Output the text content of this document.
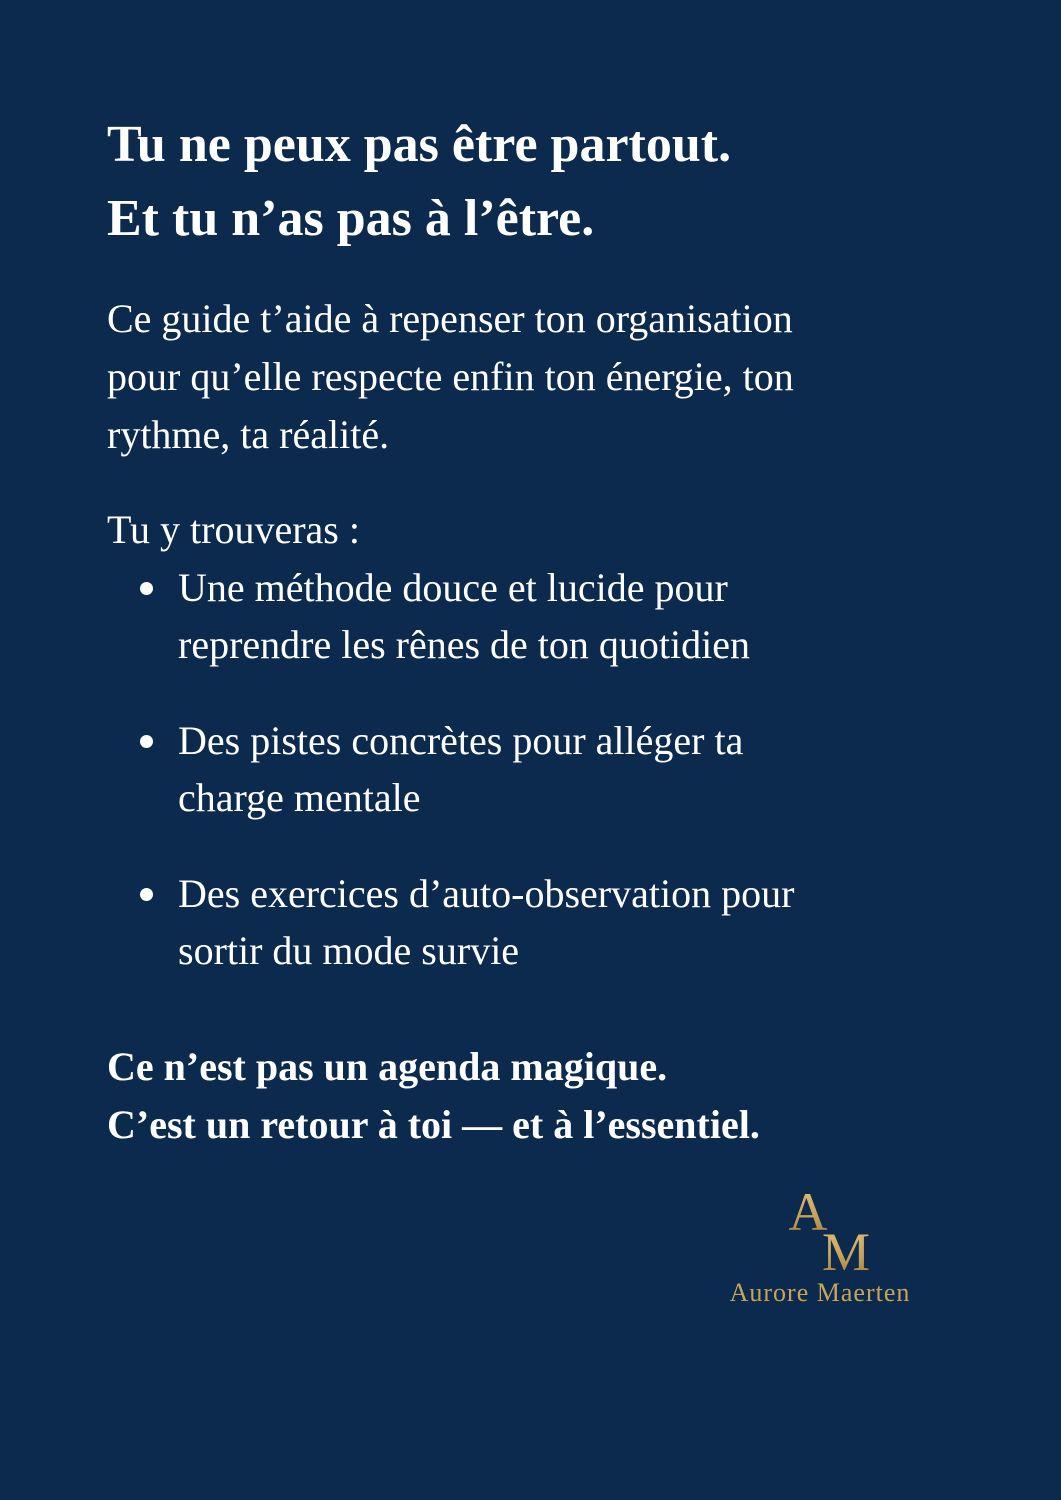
Tu ne peux pas être partout.
Et tu n’as pas à l’être.

Ce guide t’aide à repenser ton organisation
pour qu’elle respecte enfin ton énergie, ton
rythme, ta réalité.

Tu y trouveras :

Une méthode douce et lucide pour
reprendre les rênes de ton quotidien
Des pistes concrètes pour alléger ta
charge mentale
Des exercices d’auto-observation pour
sortir du mode survie

Ce n’est pas un agenda magique.
C’est un retour à toi — et à l’essentiel.

A
M
Aurore Maerten
